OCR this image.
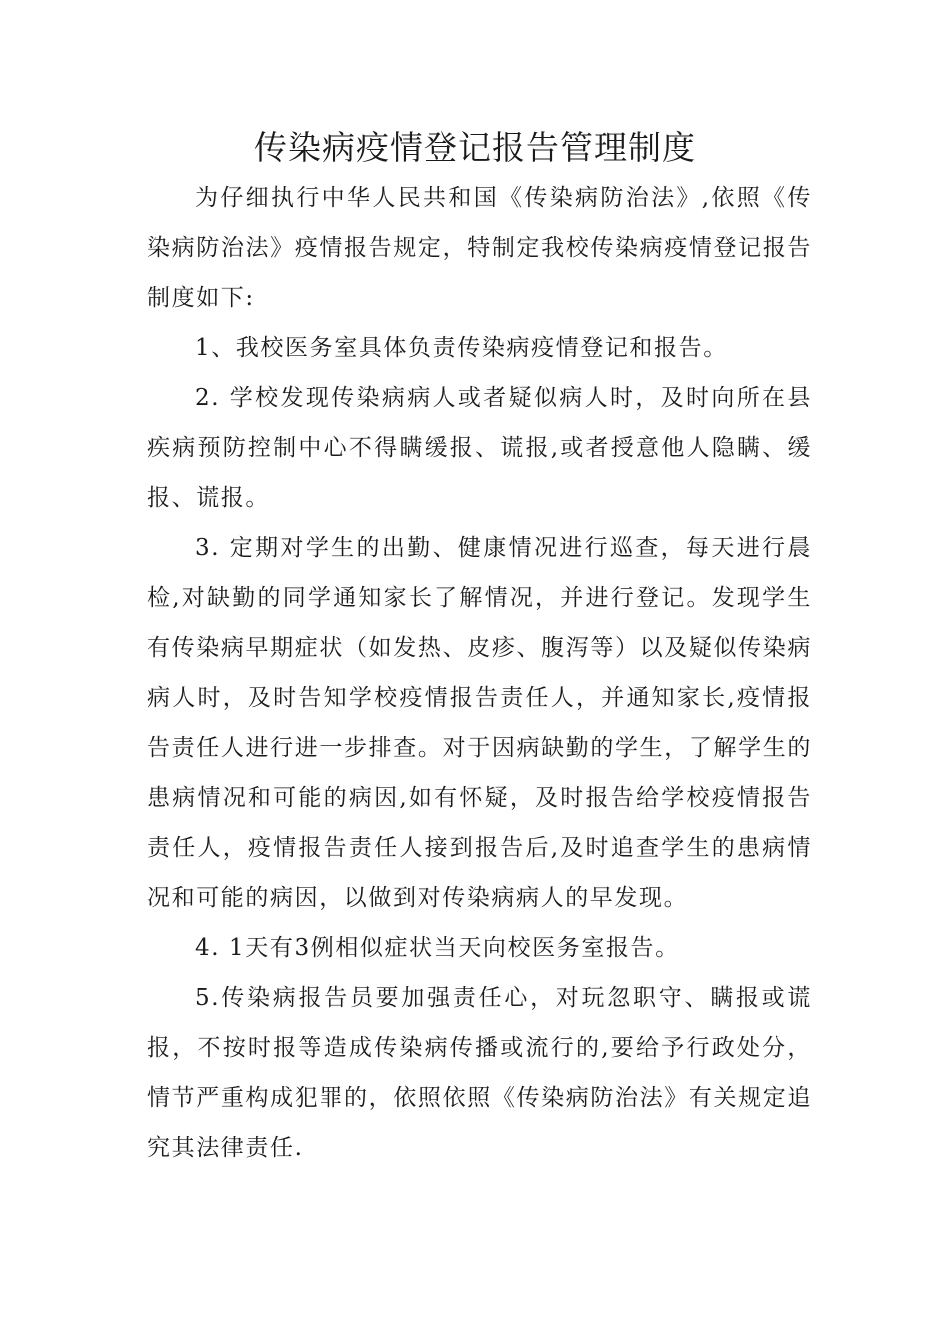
传染病疫情登记报告管理制度

为仔细执行中华人民共和国《传染病防治法》,依照《传染病防治法》疫情报告规定，特制定我校传染病疫情登记报告制度如下:

1、我校医务室具体负责传染病疫情登记和报告。

2. 学校发现传染病病人或者疑似病人时，及时向所在县疾病预防控制中心不得瞒缓报、谎报,或者授意他人隐瞒、缓报、谎报。

3. 定期对学生的出勤、健康情况进行巡查，每天进行晨检,对缺勤的同学通知家长了解情况，并进行登记。发现学生有传染病早期症状（如发热、皮疹、腹泻等）以及疑似传染病病人时，及时告知学校疫情报告责任人，并通知家长,疫情报告责任人进行进一步排查。对于因病缺勤的学生，了解学生的患病情况和可能的病因,如有怀疑，及时报告给学校疫情报告责任人，疫情报告责任人接到报告后,及时追查学生的患病情况和可能的病因，以做到对传染病病人的早发现。

4. 1天有3例相似症状当天向校医务室报告。

5.传染病报告员要加强责任心，对玩忽职守、瞒报或谎报，不按时报等造成传染病传播或流行的,要给予行政处分，情节严重构成犯罪的，依照依照《传染病防治法》有关规定追究其法律责任.
